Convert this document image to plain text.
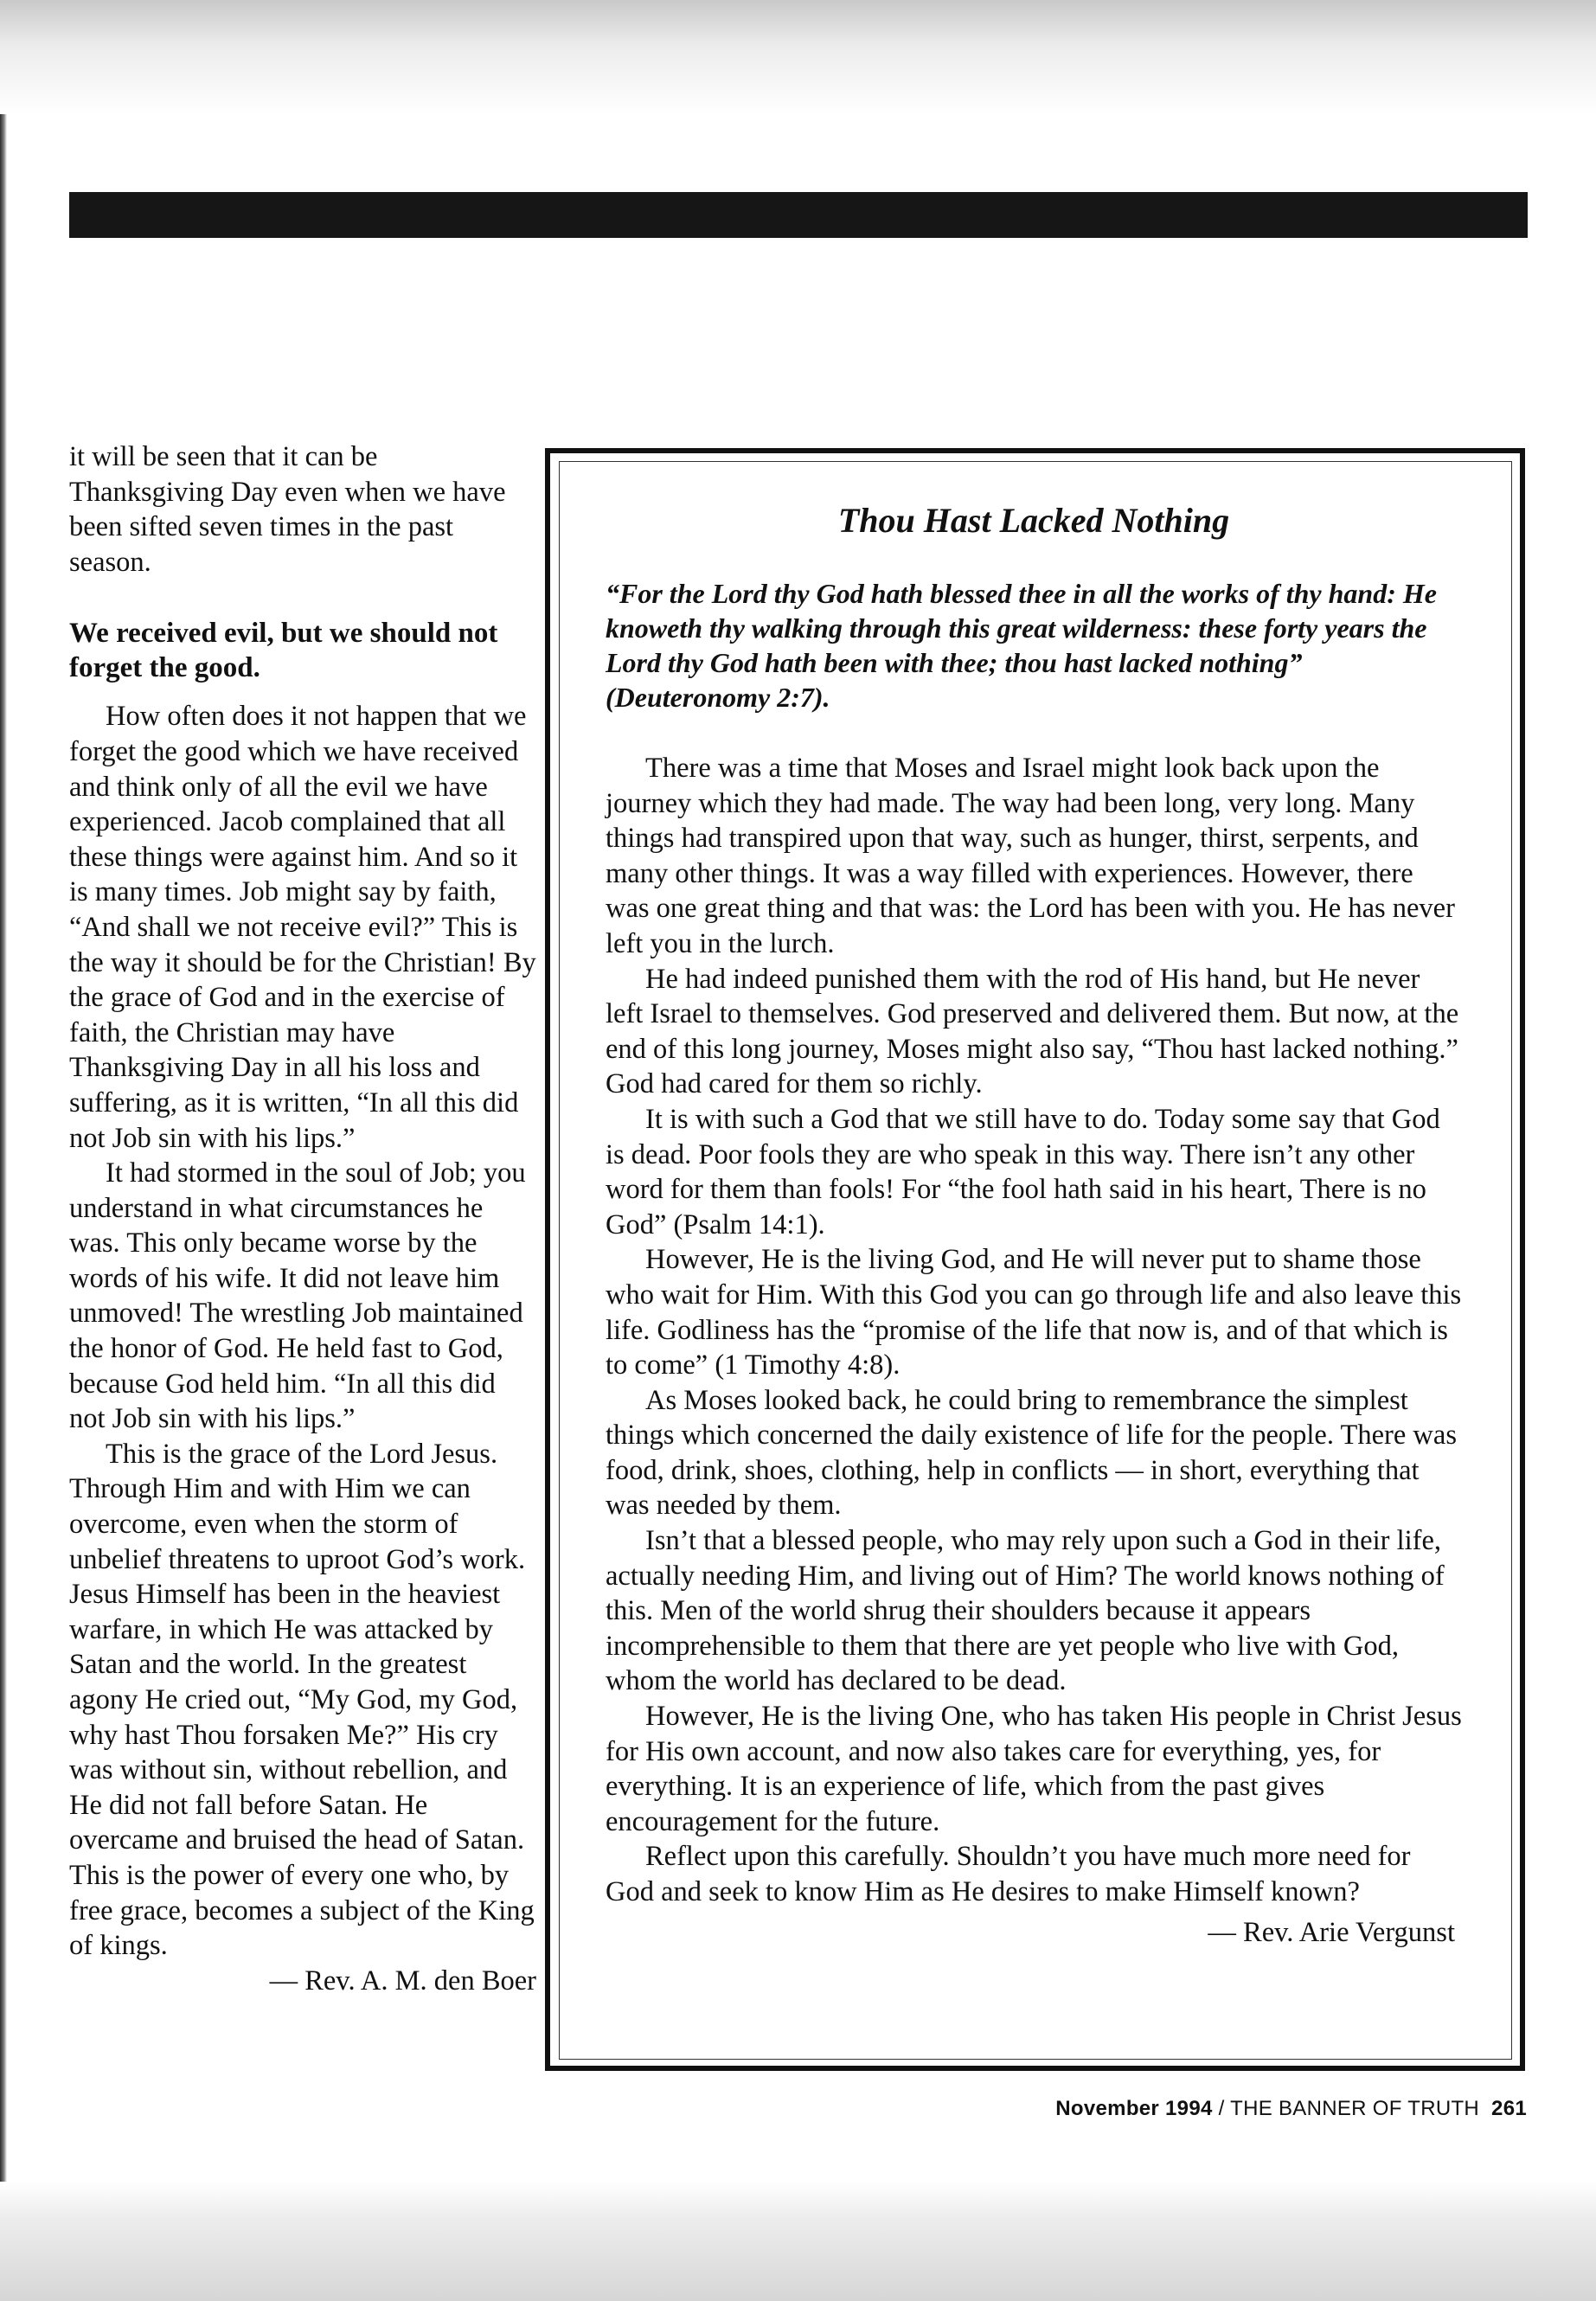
it will be seen that it can be Thanksgiving Day even when we have been sifted seven times in the past season.

We received evil, but we should not forget the good.

How often does it not happen that we forget the good which we have received and think only of all the evil we have experienced. Jacob complained that all these things were against him. And so it is many times. Job might say by faith, “And shall we not receive evil?” This is the way it should be for the Christian! By the grace of God and in the exercise of faith, the Christian may have Thanksgiving Day in all his loss and suffering, as it is written, “In all this did not Job sin with his lips.”

It had stormed in the soul of Job; you understand in what circumstances he was. This only became worse by the words of his wife. It did not leave him unmoved! The wrestling Job maintained the honor of God. He held fast to God, because God held him. “In all this did not Job sin with his lips.”

This is the grace of the Lord Jesus. Through Him and with Him we can overcome, even when the storm of unbelief threatens to uproot God’s work. Jesus Himself has been in the heaviest warfare, in which He was attacked by Satan and the world. In the greatest agony He cried out, “My God, my God, why hast Thou forsaken Me?” His cry was without sin, without rebellion, and He did not fall before Satan. He overcame and bruised the head of Satan. This is the power of every one who, by free grace, becomes a subject of the King of kings.

— Rev. A. M. den Boer

Thou Hast Lacked Nothing
“For the Lord thy God hath blessed thee in all the works of thy hand: He knoweth thy walking through this great wilderness: these forty years the Lord thy God hath been with thee; thou hast lacked nothing” (Deuteronomy 2:7).

There was a time that Moses and Israel might look back upon the journey which they had made. The way had been long, very long. Many things had transpired upon that way, such as hunger, thirst, serpents, and many other things. It was a way filled with experiences. However, there was one great thing and that was: the Lord has been with you. He has never left you in the lurch.

He had indeed punished them with the rod of His hand, but He never left Israel to themselves. God preserved and delivered them. But now, at the end of this long journey, Moses might also say, “Thou hast lacked nothing.” God had cared for them so richly.

It is with such a God that we still have to do. Today some say that God is dead. Poor fools they are who speak in this way. There isn’t any other word for them than fools! For “the fool hath said in his heart, There is no God” (Psalm 14:1).

However, He is the living God, and He will never put to shame those who wait for Him. With this God you can go through life and also leave this life. Godliness has the “promise of the life that now is, and of that which is to come” (1 Timothy 4:8).

As Moses looked back, he could bring to remembrance the simplest things which concerned the daily existence of life for the people. There was food, drink, shoes, clothing, help in conflicts — in short, everything that was needed by them.

Isn’t that a blessed people, who may rely upon such a God in their life, actually needing Him, and living out of Him? The world knows nothing of this. Men of the world shrug their shoulders because it appears incomprehensible to them that there are yet people who live with God, whom the world has declared to be dead.

However, He is the living One, who has taken His people in Christ Jesus for His own account, and now also takes care for everything, yes, for everything. It is an experience of life, which from the past gives encouragement for the future.

Reflect upon this carefully. Shouldn’t you have much more need for God and seek to know Him as He desires to make Himself known?

— Rev. Arie Vergunst

November 1994 / THE BANNER OF TRUTH 261
